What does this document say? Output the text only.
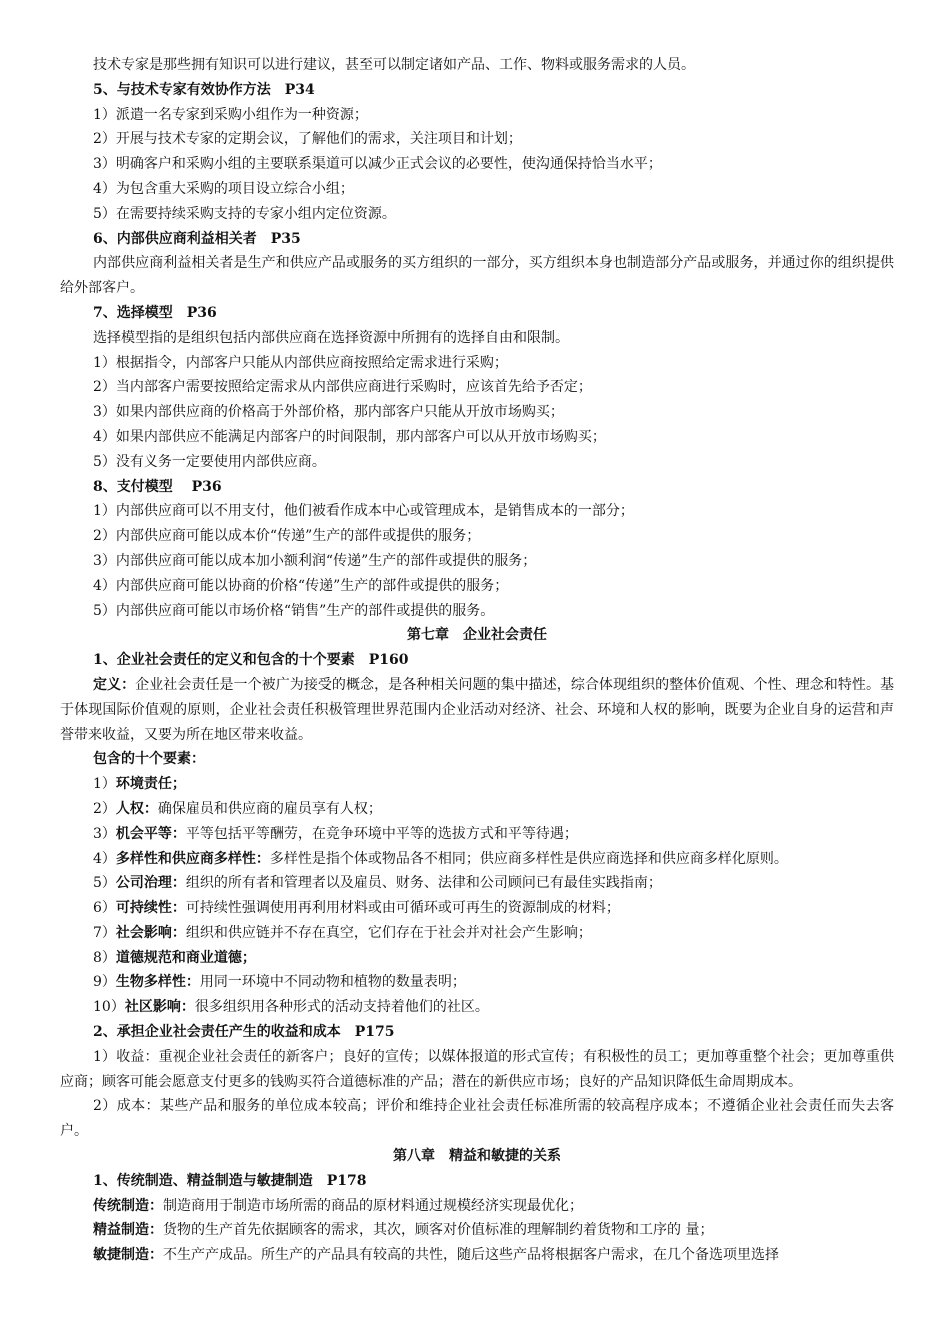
技术专家是那些拥有知识可以进行建议，甚至可以制定诸如产品、工作、物料或服务需求的人员。
5、与技术专家有效协作方法　P34
1）派遣一名专家到采购小组作为一种资源；
2）开展与技术专家的定期会议，了解他们的需求，关注项目和计划；
3）明确客户和采购小组的主要联系渠道可以减少正式会议的必要性，使沟通保持恰当水平；
4）为包含重大采购的项目设立综合小组；
5）在需要持续采购支持的专家小组内定位资源。
6、内部供应商利益相关者　P35
内部供应商利益相关者是生产和供应产品或服务的买方组织的一部分，买方组织本身也制造部分产品或服务，并通过你的组织提供给外部客户。
7、选择模型　P36
选择模型指的是组织包括内部供应商在选择资源中所拥有的选择自由和限制。
1）根据指令，内部客户只能从内部供应商按照给定需求进行采购；
2）当内部客户需要按照给定需求从内部供应商进行采购时，应该首先给予否定；
3）如果内部供应商的价格高于外部价格，那内部客户只能从开放市场购买；
4）如果内部供应不能满足内部客户的时间限制，那内部客户可以从开放市场购买；
5）没有义务一定要使用内部供应商。
8、支付模型　 P36
1）内部供应商可以不用支付，他们被看作成本中心或管理成本，是销售成本的一部分；
2）内部供应商可能以成本价“传递”生产的部件或提供的服务；
3）内部供应商可能以成本加小额利润“传递”生产的部件或提供的服务；
4）内部供应商可能以协商的价格“传递”生产的部件或提供的服务；
5）内部供应商可能以市场价格“销售”生产的部件或提供的服务。
第七章　企业社会责任
1、企业社会责任的定义和包含的十个要素　P160
定义：企业社会责任是一个被广为接受的概念，是各种相关问题的集中描述，综合体现组织的整体价值观、个性、理念和特性。基于体现国际价值观的原则，企业社会责任积极管理世界范围内企业活动对经济、社会、环境和人权的影响，既要为企业自身的运营和声誉带来收益，又要为所在地区带来收益。
包含的十个要素：
1）环境责任；
2）人权：确保雇员和供应商的雇员享有人权；
3）机会平等：平等包括平等酬劳，在竞争环境中平等的选拔方式和平等待遇；
4）多样性和供应商多样性：多样性是指个体或物品各不相同；供应商多样性是供应商选择和供应商多样化原则。
5）公司治理：组织的所有者和管理者以及雇员、财务、法律和公司顾问已有最佳实践指南；
6）可持续性：可持续性强调使用再利用材料或由可循环或可再生的资源制成的材料；
7）社会影响：组织和供应链并不存在真空，它们存在于社会并对社会产生影响；
8）道德规范和商业道德；
9）生物多样性：用同一环境中不同动物和植物的数量表明；
10）社区影响：很多组织用各种形式的活动支持着他们的社区。
2、承担企业社会责任产生的收益和成本　P175
1）收益：重视企业社会责任的新客户；良好的宣传；以媒体报道的形式宣传；有积极性的员工；更加尊重整个社会；更加尊重供应商；顾客可能会愿意支付更多的钱购买符合道德标准的产品；潜在的新供应市场；良好的产品知识降低生命周期成本。
2）成本：某些产品和服务的单位成本较高；评价和维持企业社会责任标准所需的较高程序成本；不遵循企业社会责任而失去客户。
第八章　精益和敏捷的关系
1、传统制造、精益制造与敏捷制造　P178
传统制造：制造商用于制造市场所需的商品的原材料通过规模经济实现最优化；
精益制造：货物的生产首先依据顾客的需求，其次，顾客对价值标准的理解制约着货物和工序的 量；
敏捷制造：不生产产成品。所生产的产品具有较高的共性，随后这些产品将根据客户需求，在几个备选项里选择
